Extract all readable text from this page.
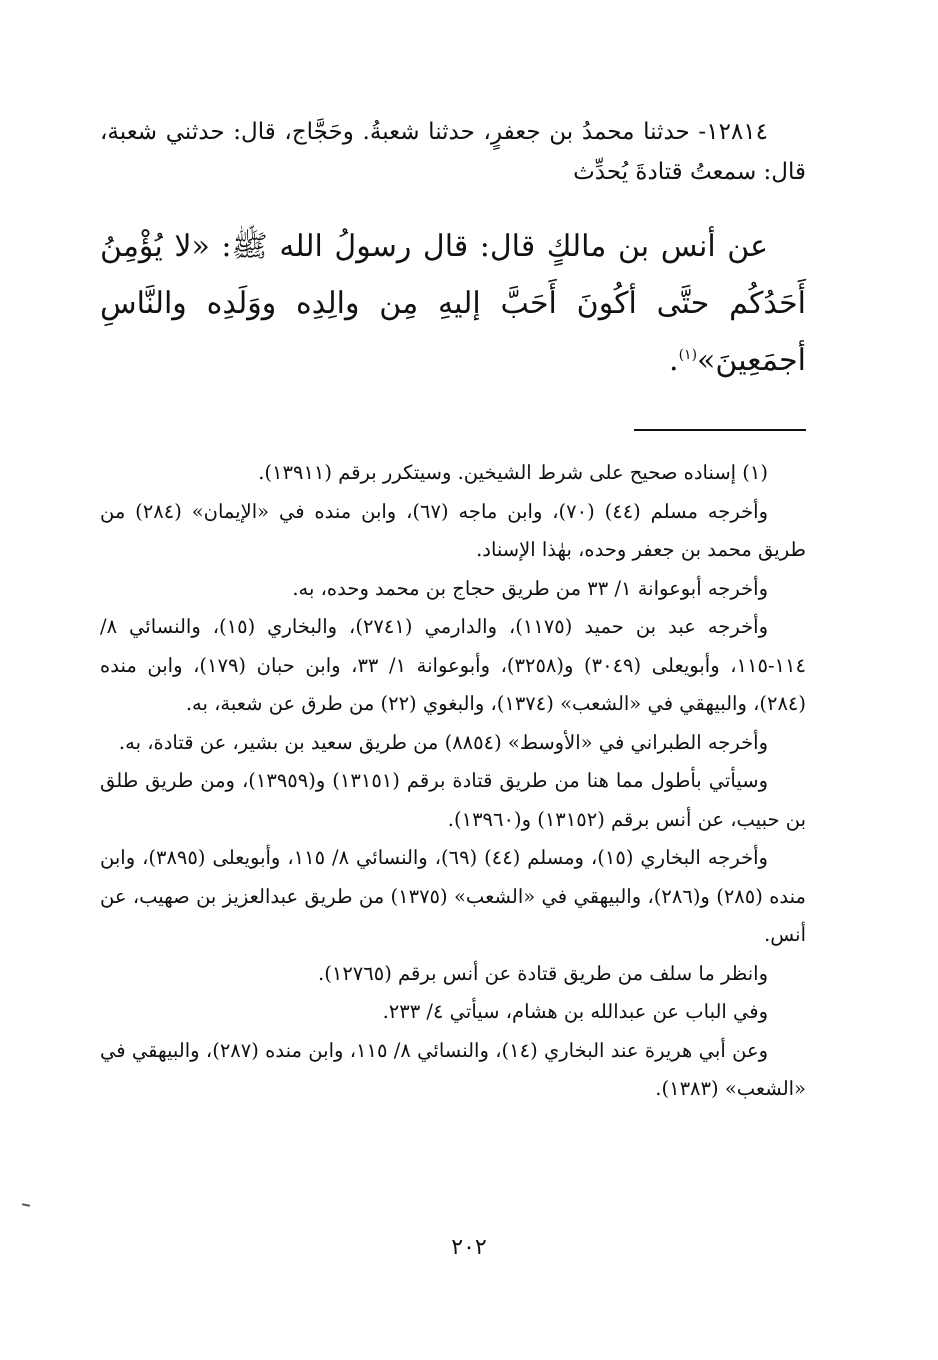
١٢٨١٤- حدثنا محمدُ بن جعفرٍ، حدثنا شعبةُ. وحَجَّاج، قال: حدثني شعبة، قال: سمعتُ قتادةَ يُحدِّث

عن أنس بن مالكٍ قال: قال رسولُ الله ﷺ: «لا يُؤْمِنُ أَحَدُكُم حتَّى أكُونَ أَحَبَّ إليهِ مِن والِدِه ووَلَدِه والنَّاسِ أجمَعِينَ»$^{(١)}$.

(١) إسناده صحيح على شرط الشيخين. وسيتكرر برقم (١٣٩١١).

وأخرجه مسلم (٤٤) (٧٠)، وابن ماجه (٦٧)، وابن منده في «الإيمان» (٢٨٤) من طريق محمد بن جعفر وحده، بهٰذا الإسناد.

وأخرجه أبوعوانة ١/ ٣٣ من طريق حجاج بن محمد وحده، به.

وأخرجه عبد بن حميد (١١٧٥)، والدارمي (٢٧٤١)، والبخاري (١٥)، والنسائي ٨/ ١١٤-١١٥، وأبويعلى (٣٠٤٩) و(٣٢٥٨)، وأبوعوانة ١/ ٣٣، وابن حبان (١٧٩)، وابن منده (٢٨٤)، والبيهقي في «الشعب» (١٣٧٤)، والبغوي (٢٢) من طرق عن شعبة، به.

وأخرجه الطبراني في «الأوسط» (٨٨٥٤) من طريق سعيد بن بشير، عن قتادة، به.

وسيأتي بأطول مما هنا من طريق قتادة برقم (١٣١٥١) و(١٣٩٥٩)، ومن طريق طلق بن حبيب، عن أنس برقم (١٣١٥٢) و(١٣٩٦٠).

وأخرجه البخاري (١٥)، ومسلم (٤٤) (٦٩)، والنسائي ٨/ ١١٥، وأبويعلى (٣٨٩٥)، وابن منده (٢٨٥) و(٢٨٦)، والبيهقي في «الشعب» (١٣٧٥) من طريق عبدالعزيز بن صهيب، عن أنس.

وانظر ما سلف من طريق قتادة عن أنس برقم (١٢٧٦٥).

وفي الباب عن عبدالله بن هشام، سيأتي ٤/ ٢٣٣.

وعن أبي هريرة عند البخاري (١٤)، والنسائي ٨/ ١١٥، وابن منده (٢٨٧)، والبيهقي في «الشعب» (١٣٨٣).

٢٠٢
